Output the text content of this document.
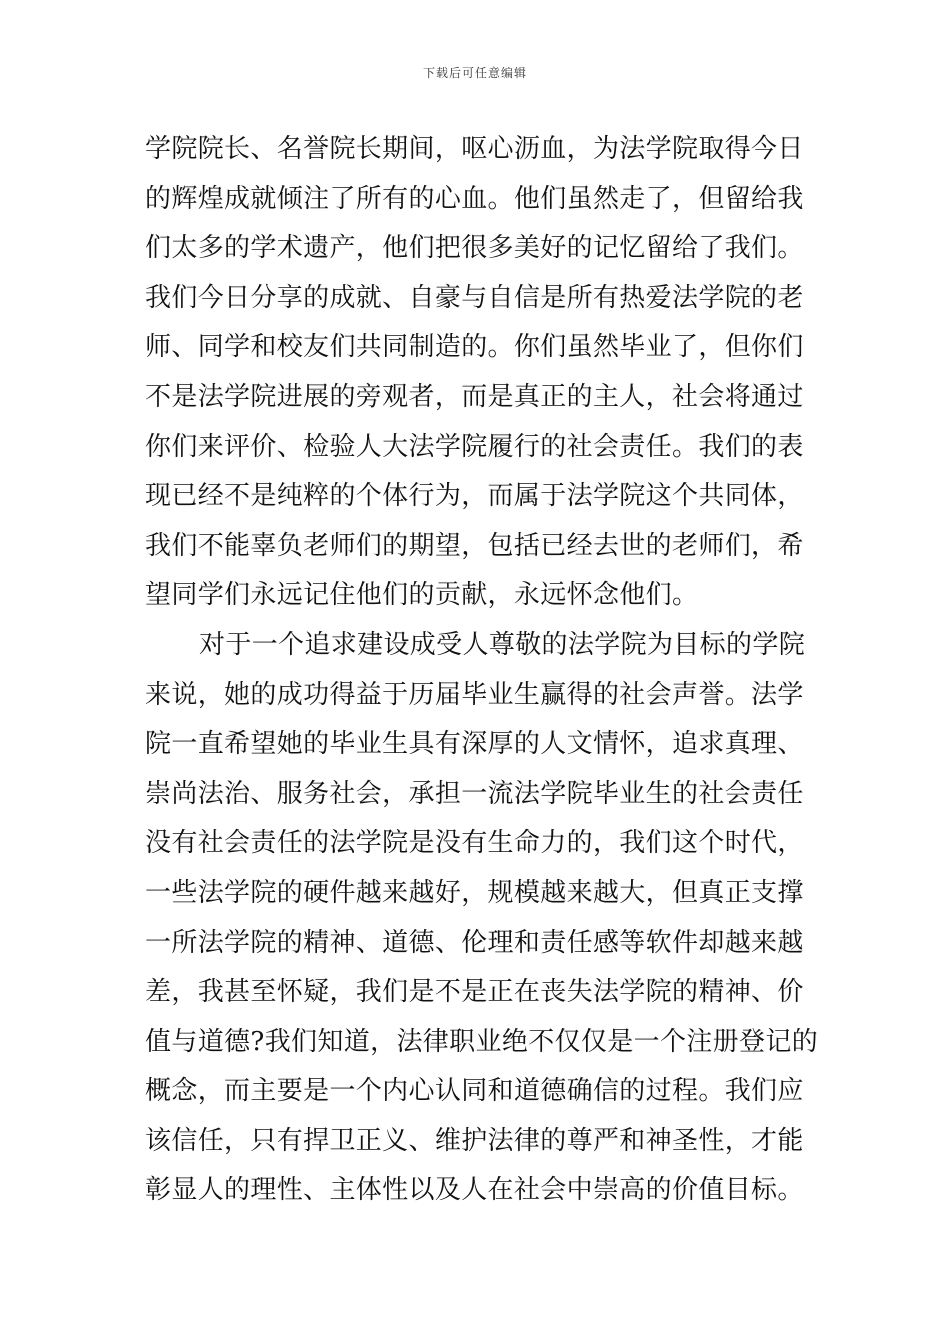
下载后可任意编辑
学院院长、名誉院长期间，呕心沥血，为法学院取得今日
的辉煌成就倾注了所有的心血。他们虽然走了，但留给我
们太多的学术遗产，他们把很多美好的记忆留给了我们。
我们今日分享的成就、自豪与自信是所有热爱法学院的老
师、同学和校友们共同制造的。你们虽然毕业了，但你们
不是法学院进展的旁观者，而是真正的主人，社会将通过
你们来评价、检验人大法学院履行的社会责任。我们的表
现已经不是纯粹的个体行为，而属于法学院这个共同体，
我们不能辜负老师们的期望，包括已经去世的老师们，希
望同学们永远记住他们的贡献，永远怀念他们。
对于一个追求建设成受人尊敬的法学院为目标的学院
来说，她的成功得益于历届毕业生赢得的社会声誉。法学
院一直希望她的毕业生具有深厚的人文情怀，追求真理、
崇尚法治、服务社会，承担一流法学院毕业生的社会责任
没有社会责任的法学院是没有生命力的，我们这个时代，
一些法学院的硬件越来越好，规模越来越大，但真正支撑
一所法学院的精神、道德、伦理和责任感等软件却越来越
差，我甚至怀疑，我们是不是正在丧失法学院的精神、价
值与道德?我们知道，法律职业绝不仅仅是一个注册登记的
概念，而主要是一个内心认同和道德确信的过程。我们应
该信任，只有捍卫正义、维护法律的尊严和神圣性，才能
彰显人的理性、主体性以及人在社会中崇高的价值目标。
